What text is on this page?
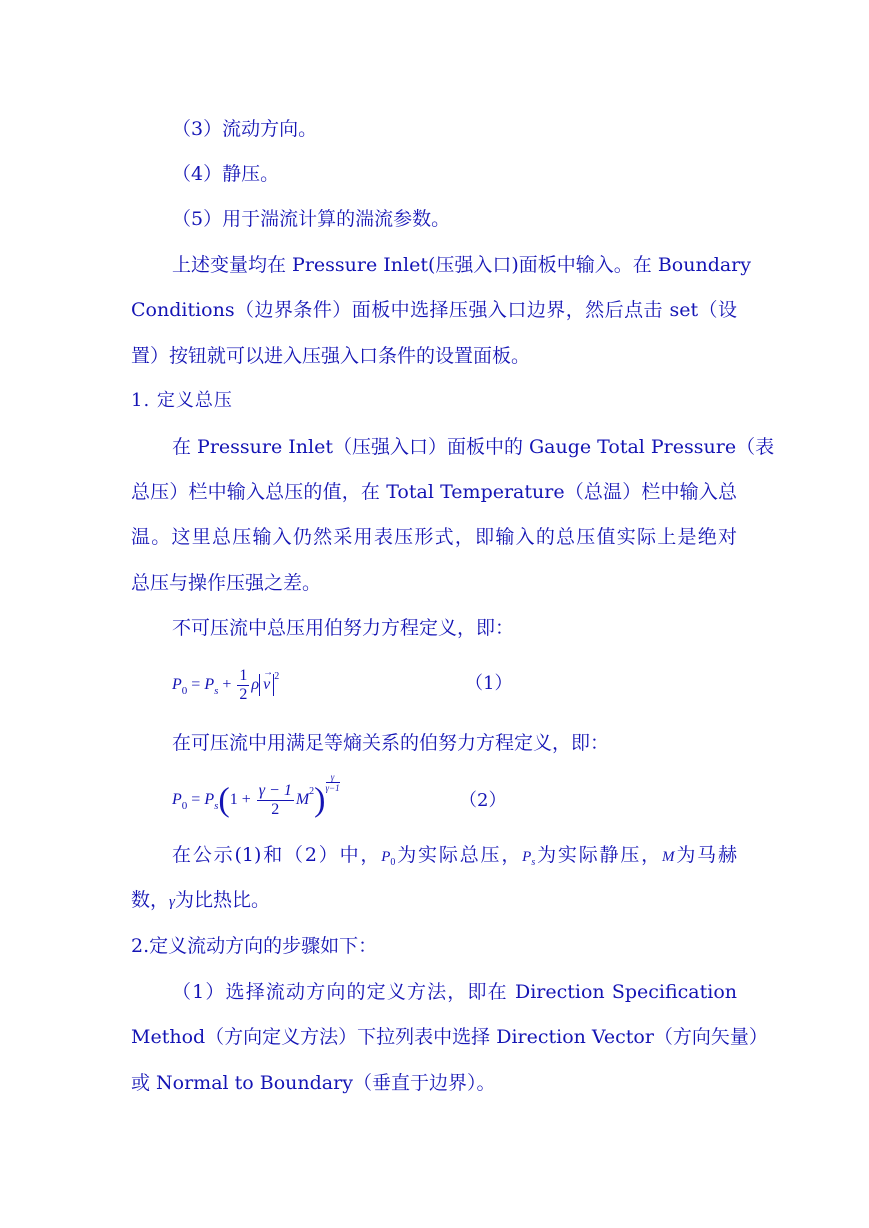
（3）流动方向。
（4）静压。
（5）用于湍流计算的湍流参数。
上述变量均在 Pressure Inlet(压强入口)面板中输入。在 Boundary
Conditions（边界条件）面板中选择压强入口边界，然后点击 set（设
置）按钮就可以进入压强入口条件的设置面板。
1. 定义总压
在 Pressure Inlet（压强入口）面板中的 Gauge Total Pressure（表
总压）栏中输入总压的值，在 Total Temperature（总温）栏中输入总
温。这里总压输入仍然采用表压形式，即输入的总压值实际上是绝对
总压与操作压强之差。
不可压流中总压用伯努力方程定义，即：
$P_0 = P_s + \frac{1}{2}$ ρ
→
v $^2$	（1）
在可压流中用满足等熵关系的伯努力方程定义，即：
$P_0 = P_s(1 + \frac{\gamma - 1}{2} M^2) \frac{\gamma}{\gamma-1}$
（2）
在公示(1)和（2）中，$P_0$为实际总压，$P_s$为实际静压，M为马赫
数，γ为比热比。
2.定义流动方向的步骤如下：
（1）选择流动方向的定义方法，即在 Direction Specification
Method（方向定义方法）下拉列表中选择 Direction Vector（方向矢量）
或 Normal to Boundary（垂直于边界）。
